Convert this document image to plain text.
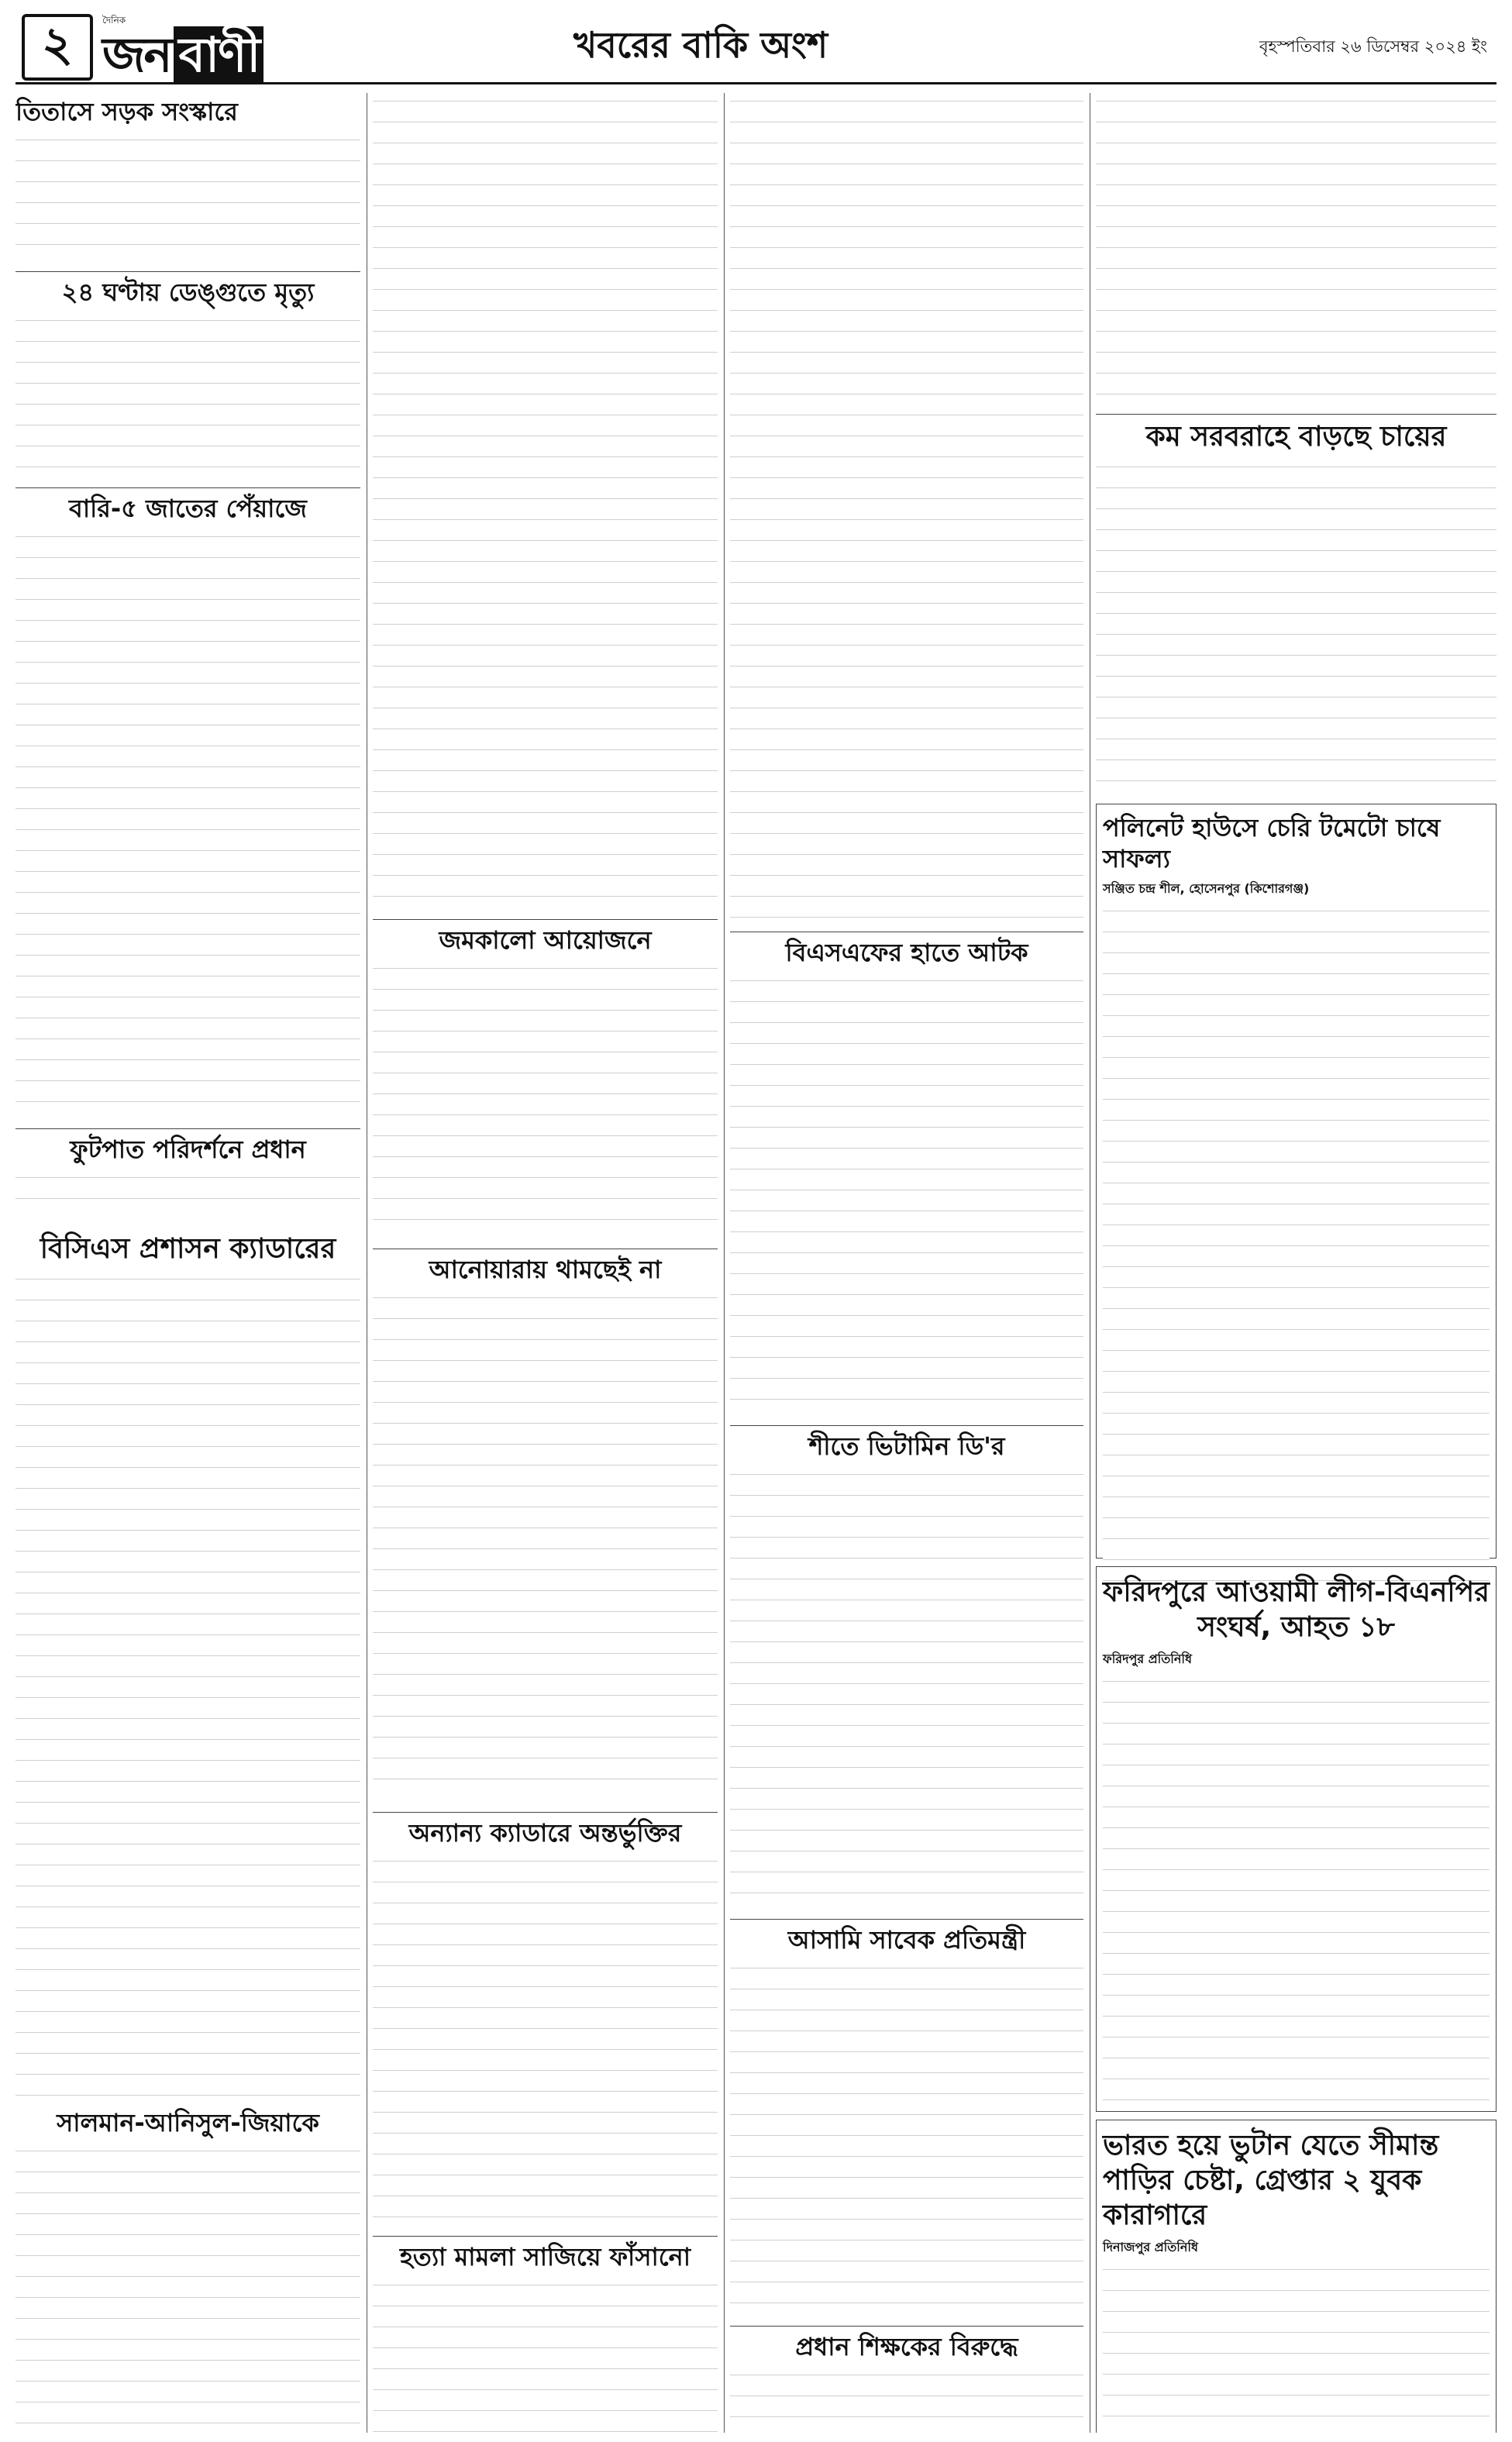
২	দৈনিক
জন বাণী	খবরের বাকি অংশ	বৃহস্পতিবার ২৬ ডিসেম্বর ২০২৪ ইং
তিতাসে সড়ক সংস্কারে
২৪ ঘণ্টায় ডেঙ্গুতে মৃত্যু
বারি-৫ জাতের পেঁয়াজে
ফুটপাত পরিদর্শনে প্রধান
বিসিএস প্রশাসন ক্যাডারের
সালমান-আনিসুল-জিয়াকে
জমকালো আয়োজনে
আনোয়ারায় থামছেই না
অন্যান্য ক্যাডারে অন্তর্ভুক্তির
হত্যা মামলা সাজিয়ে ফাঁসানো
বিএসএফের হাতে আটক
শীতে ভিটামিন ডি'র
আসামি সাবেক প্রতিমন্ত্রী
প্রধান শিক্ষকের বিরুদ্ধে
কম সরবরাহে বাড়ছে চায়ের
পলিনেট হাউসে চেরি টমেটো চাষে সাফল্য
সঞ্জিত চন্দ্র শীল, হোসেনপুর (কিশোরগঞ্জ)
ফরিদপুরে আওয়ামী লীগ-বিএনপির সংঘর্ষ, আহত ১৮
ফরিদপুর প্রতিনিধি
ভারত হয়ে ভুটান যেতে সীমান্ত পাড়ির চেষ্টা, গ্রেপ্তার ২ যুবক কারাগারে
দিনাজপুর প্রতিনিধি
